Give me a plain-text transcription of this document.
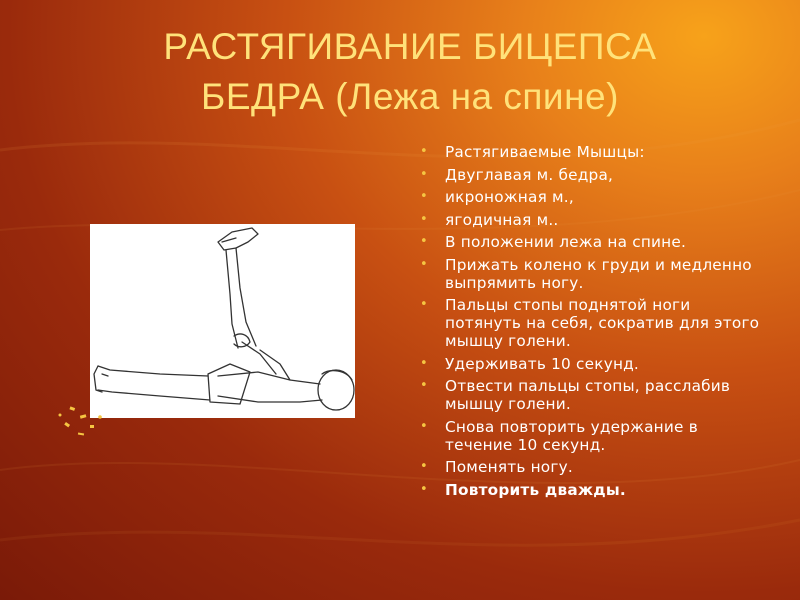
РАСТЯГИВАНИЕ БИЦЕПСА
БЕДРА (Лежа на спине)
• Растягиваемые Мышцы:
• Двуглавая м. бедра,
• икроножная м.,
• ягодичная м..
• В положении лежа на спине.
• Прижать колено к груди и медленно выпрямить ногу.
• Пальцы стопы поднятой ноги потянуть на себя, сократив для этого мышцу голени.
• Удерживать 10 секунд.
• Отвести пальцы стопы, расслабив мышцу голени.
• Снова повторить удержание в течение 10 секунд.
• Поменять ногу.
• Повторить дважды.
